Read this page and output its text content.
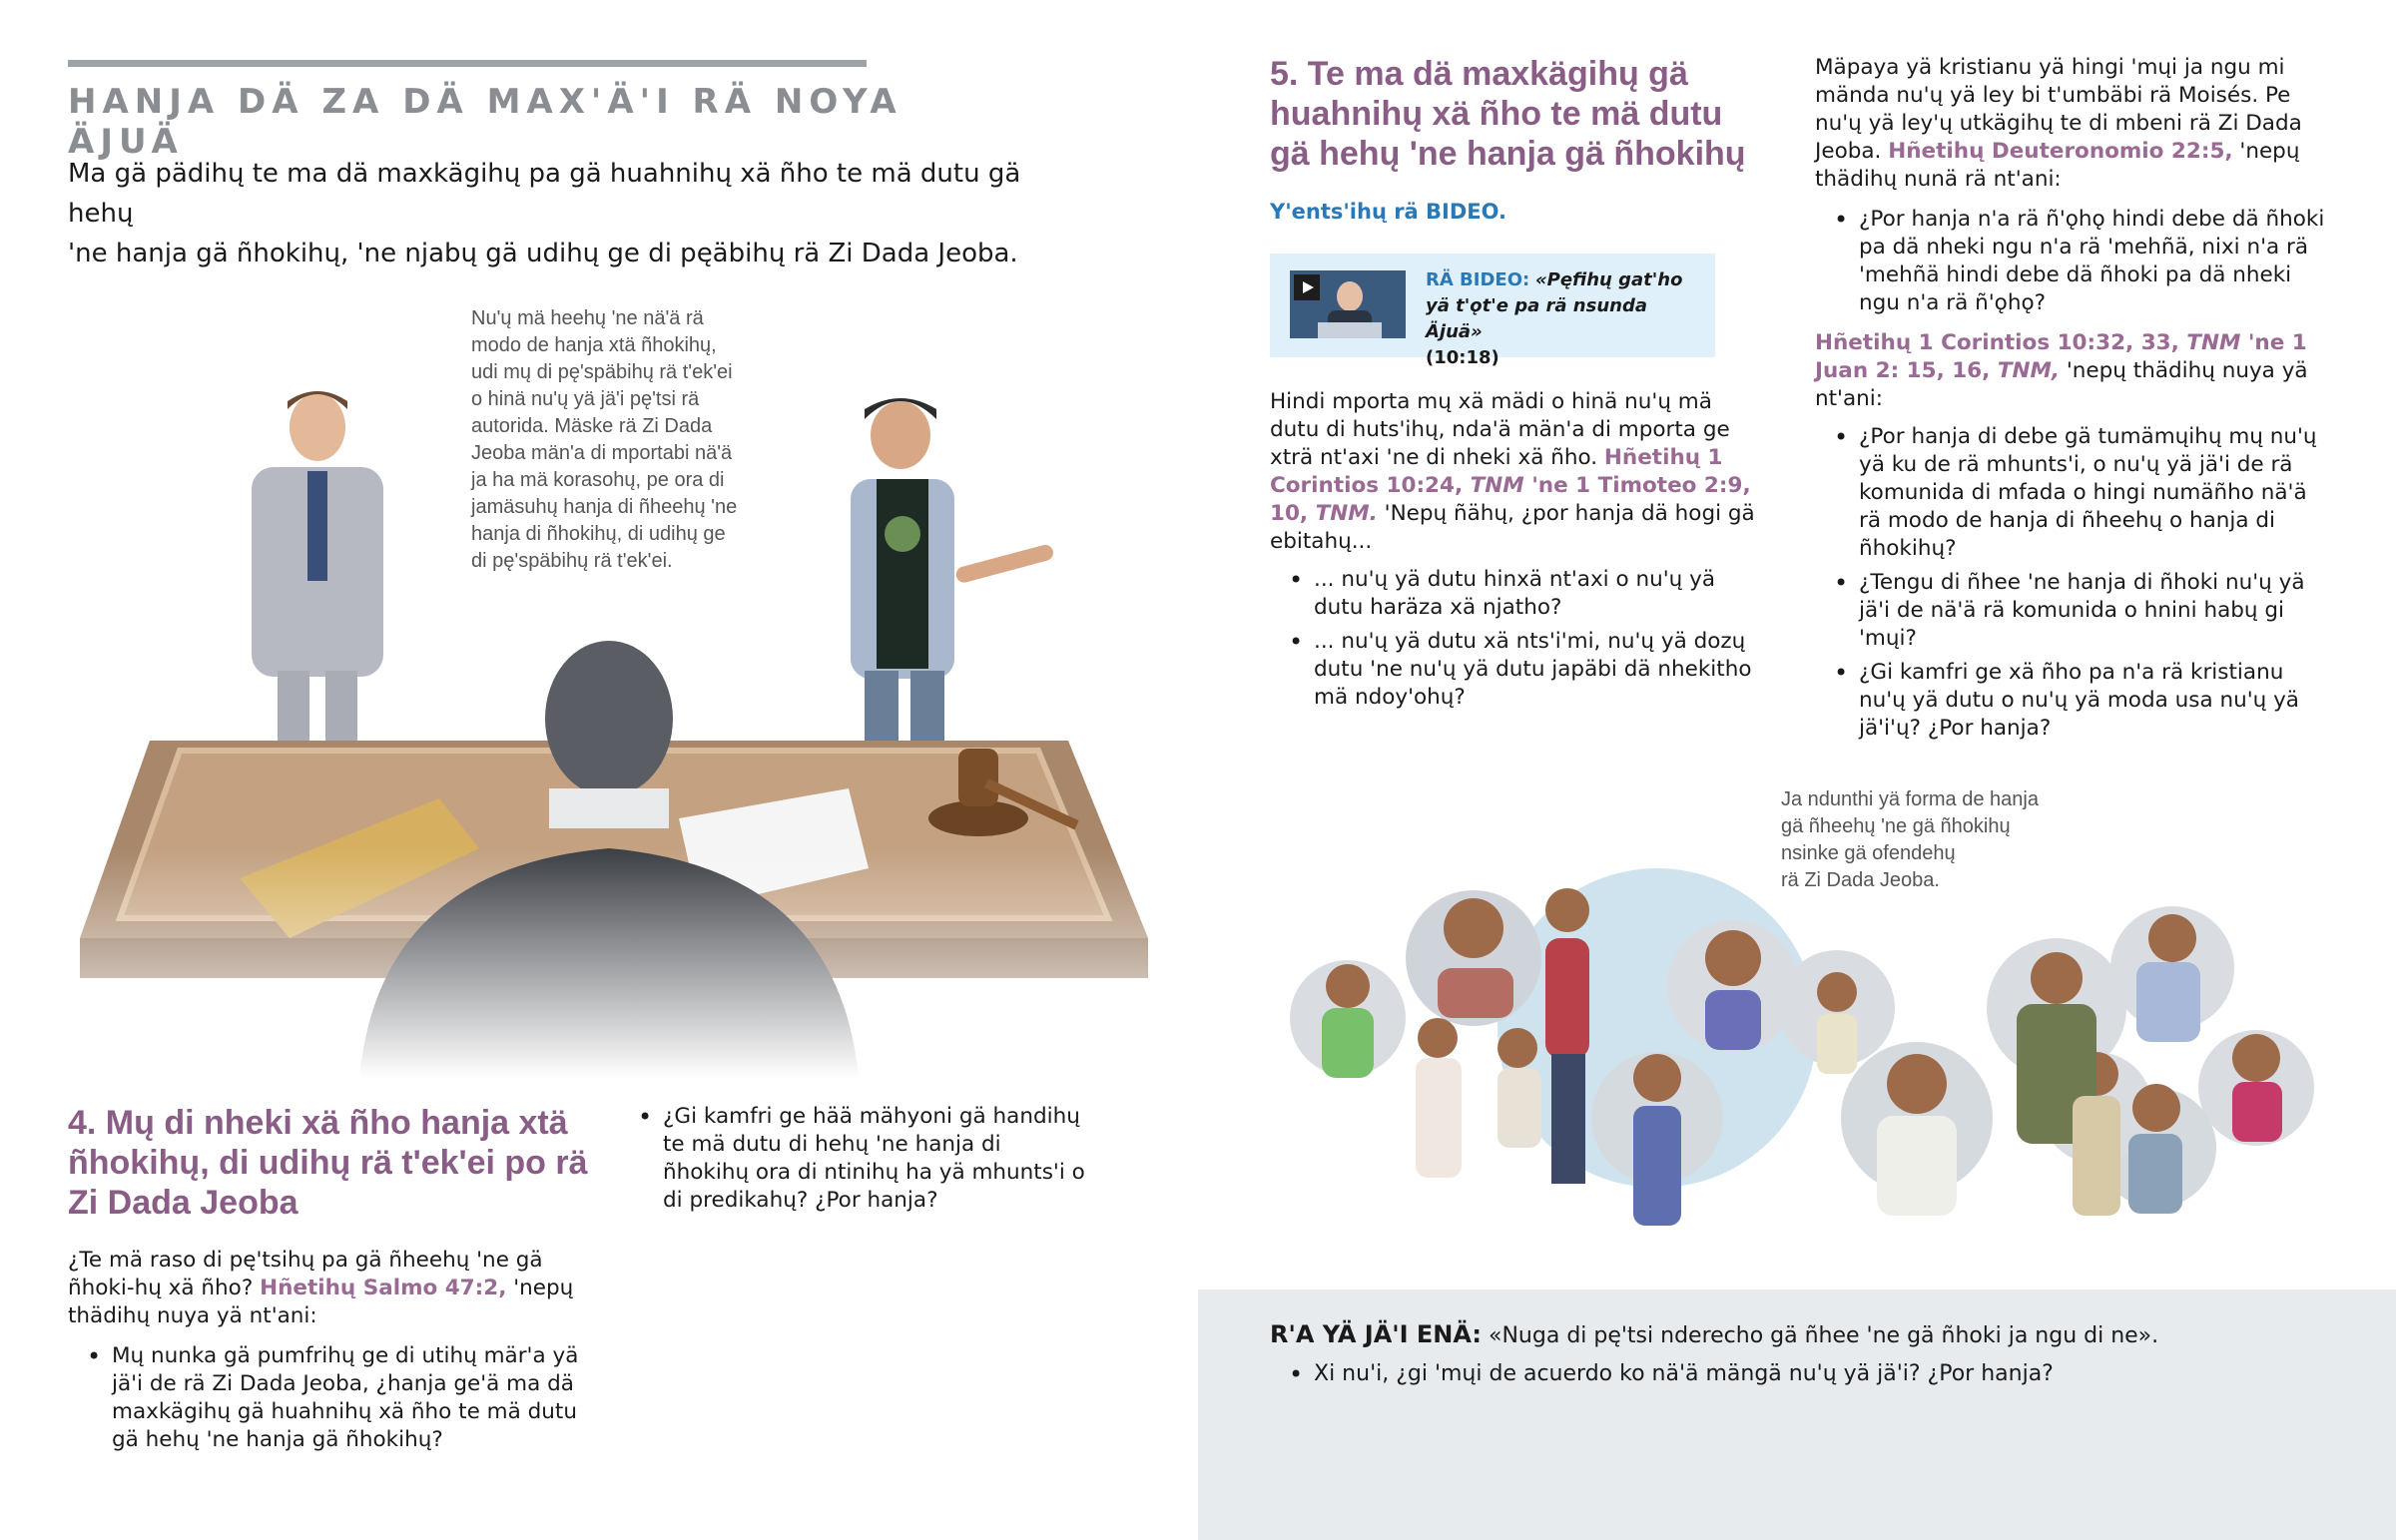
HANJA DÄ ZA DÄ MAX'Ä'I RÄ NOYA ÄJUÄ
Ma gä pädihų te ma dä maxkägihų pa gä huahnihų xä ñho te mä dutu gä hehų
'ne hanja gä ñhokihų, 'ne njabų gä udihų ge di pęäbihų rä Zi Dada Jeoba.
Nu'ų mä heehų 'ne nä'ä rä
modo de hanja xtä ñhokihų,
udi mų di pę'späbihų rä t'ek'ei
o hinä nu'ų yä jä'i pę'tsi rä
autorida. Mäske rä Zi Dada
Jeoba män'a di mportabi nä'ä
ja ha mä korasohų, pe ora di
jamäsuhų hanja di ñheehų 'ne
hanja di ñhokihų, di udihų ge
di pę'späbihų rä t'ek'ei.
4. Mų di nheki xä ñho hanja xtä
ñhokihų, di udihų rä t'ek'ei po rä
Zi Dada Jeoba
¿Te mä raso di pę'tsihų pa gä ñheehų 'ne gä ñhoki-hų xä ñho? Hñetihų Salmo 47:2, 'nepų thädihų nuya yä nt'ani:
• Mų nunka gä pumfrihų ge di utihų mär'a yä jä'i de rä Zi Dada Jeoba, ¿hanja ge'ä ma dä maxkägihų gä huahnihų xä ñho te mä dutu gä hehų 'ne hanja gä ñhokihų?
• ¿Gi kamfri ge hää mähyoni gä handihų te mä dutu di hehų 'ne hanja di ñhokihų ora di ntinihų ha yä mhunts'i o di predikahų? ¿Por hanja?
5. Te ma dä maxkägihų gä
huahnihų xä ñho te mä dutu
gä hehų 'ne hanja gä ñhokihų
Y'ents'ihų rä BIDEO.
RÄ BIDEO: «Pęfihų gat'ho yä t'ǫt'e pa rä nsunda Äjuä»
(10:18)
Hindi mporta mų xä mädi o hinä nu'ų mä dutu di huts'ihų, nda'ä män'a di mporta ge xträ nt'axi 'ne di nheki xä ñho. Hñetihų 1 Corintios 10:24, TNM 'ne 1 Timoteo 2:9, 10, TNM. 'Nepų ñähų, ¿por hanja dä hogi gä ebitahų...
• ... nu'ų yä dutu hinxä nt'axi o nu'ų yä dutu haräza xä njatho?
• ... nu'ų yä dutu xä nts'i'mi, nu'ų yä dozų dutu 'ne nu'ų yä dutu japäbi dä nhekitho mä ndoy'ohų?
Mäpaya yä kristianu yä hingi 'mųi ja ngu mi mända nu'ų yä ley bi t'umbäbi rä Moisés. Pe nu'ų yä ley'ų utkägihų te di mbeni rä Zi Dada Jeoba. Hñetihų Deuteronomio 22:5, 'nepų thädihų nunä rä nt'ani:
• ¿Por hanja n'a rä ñ'ǫhǫ hindi debe dä ñhoki pa dä nheki ngu n'a rä 'mehñä, nixi n'a rä 'mehñä hindi debe dä ñhoki pa dä nheki ngu n'a rä ñ'ǫhǫ?
Hñetihų 1 Corintios 10:32, 33, TNM 'ne 1 Juan 2: 15, 16, TNM, 'nepų thädihų nuya yä nt'ani:
• ¿Por hanja di debe gä tumämųihų mų nu'ų yä ku de rä mhunts'i, o nu'ų yä jä'i de rä komunida di mfada o hingi numäñho nä'ä rä modo de hanja di ñheehų o hanja di ñhokihų?
• ¿Tengu di ñhee 'ne hanja di ñhoki nu'ų yä jä'i de nä'ä rä komunida o hnini habų gi 'mųi?
• ¿Gi kamfri ge xä ñho pa n'a rä kristianu nu'ų yä dutu o nu'ų yä moda usa nu'ų yä jä'i'ų? ¿Por hanja?
Ja ndunthi yä forma de hanja
gä ñheehų 'ne gä ñhokihų
nsinke gä ofendehų
rä Zi Dada Jeoba.
R'A YÄ JÄ'I ENÄ: «Nuga di pę'tsi nderecho gä ñhee 'ne gä ñhoki ja ngu di ne».
• Xi nu'i, ¿gi 'mųi de acuerdo ko nä'ä mängä nu'ų yä jä'i? ¿Por hanja?
